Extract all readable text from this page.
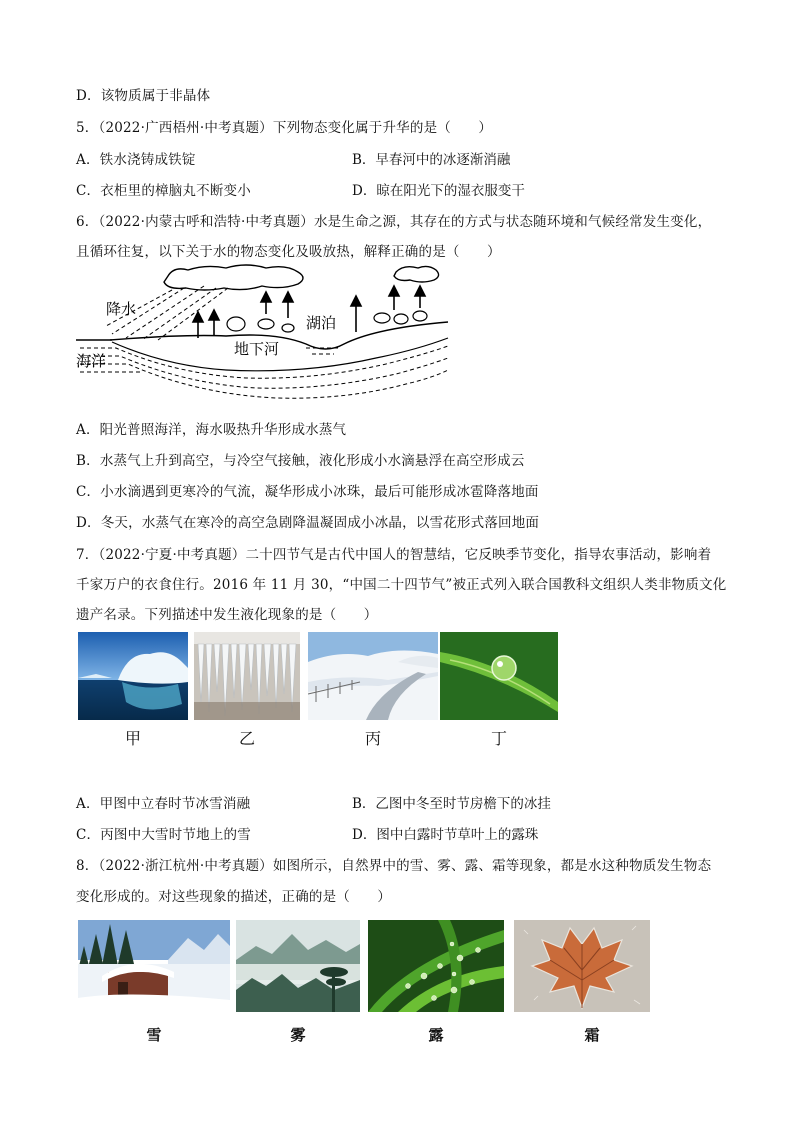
D．该物质属于非晶体
5．（2022·广西梧州·中考真题）下列物态变化属于升华的是（　　）
A．铁水浇铸成铁锭	B．早春河中的冰逐渐消融
C．衣柜里的樟脑丸不断变小	D．晾在阳光下的湿衣服变干
6．（2022·内蒙古呼和浩特·中考真题）水是生命之源，其存在的方式与状态随环境和气候经常发生变化，
且循环往复，以下关于水的物态变化及吸放热，解释正确的是（　　）
降水
湖泊
地下河
海洋
A．阳光普照海洋，海水吸热升华形成水蒸气
B．水蒸气上升到高空，与冷空气接触，液化形成小水滴悬浮在高空形成云
C．小水滴遇到更寒冷的气流，凝华形成小冰珠，最后可能形成冰雹降落地面
D．冬天，水蒸气在寒冷的高空急剧降温凝固成小冰晶，以雪花形式落回地面
7．（2022·宁夏·中考真题）二十四节气是古代中国人的智慧结，它反映季节变化，指导农事活动，影响着
千家万户的衣食住行。2016 年 11 月 30，“中国二十四节气”被正式列入联合国教科文组织人类非物质文化
遗产名录。下列描述中发生液化现象的是（　　）
甲	乙	丙	丁
A．甲图中立春时节冰雪消融	B．乙图中冬至时节房檐下的冰挂
C．丙图中大雪时节地上的雪	D．图中白露时节草叶上的露珠
8．（2022·浙江杭州·中考真题）如图所示，自然界中的雪、雾、露、霜等现象，都是水这种物质发生物态
变化形成的。对这些现象的描述，正确的是（　　）
雪	雾	露	霜
